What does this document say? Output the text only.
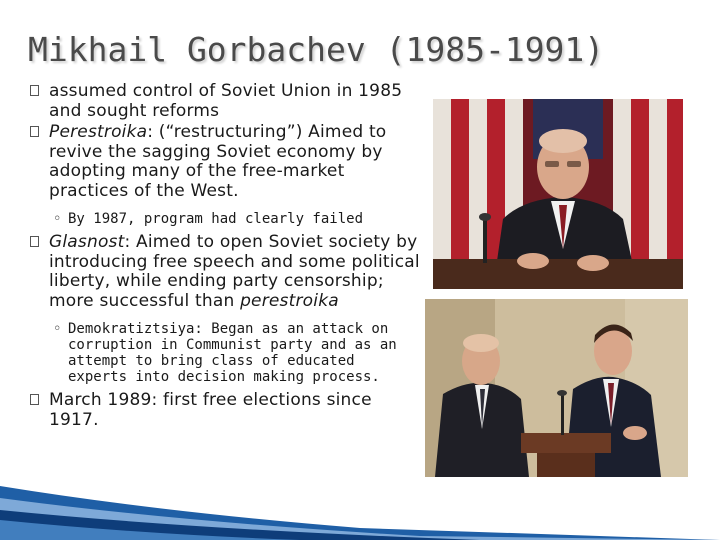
Mikhail Gorbachev (1985-1991)
assumed control of Soviet Union in 1985 and sought reforms
Perestroika: (“restructuring”) Aimed to revive the sagging Soviet economy by adopting many of the free-market practices of the West.
◦ By 1987, program had clearly failed
Glasnost: Aimed to open Soviet society by introducing free speech and some political liberty, while ending party censorship; more successful than perestroika
◦ Demokratiztsiya: Began as an attack on corruption in Communist party and as an attempt to bring class of educated experts into decision making process.
March 1989: first free elections since 1917.
